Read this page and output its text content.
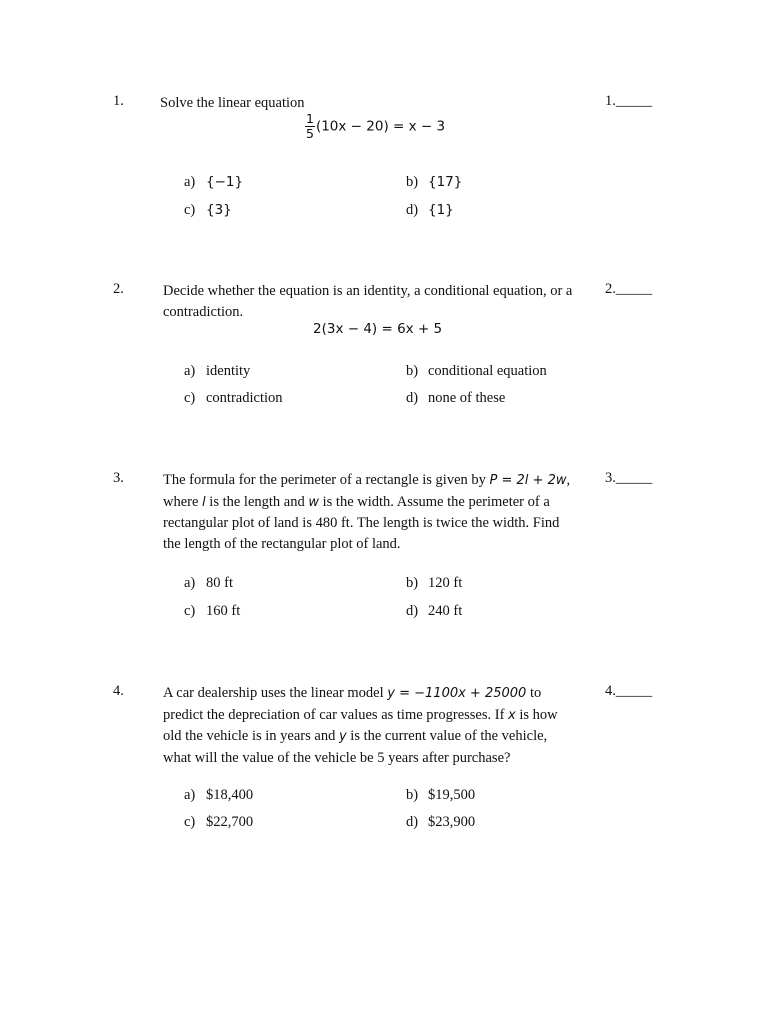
1. Solve the linear equation	1._____
$\frac{1}{5} (10x - 20) = x - 3$
a) {−1}	b) {17}
c) {3}	d) {1}
2.	2._____
Decide whether the equation is an identity, a conditional equation, or a
contradiction.
2(3x − 4) = 6x + 5
a) identity	b) conditional equation
c) contradiction	d) none of these
3.	3._____
The formula for the perimeter of a rectangle is given by P = 2l + 2w,
where l is the length and w is the width. Assume the perimeter of a
rectangular plot of land is 480 ft. The length is twice the width. Find
the length of the rectangular plot of land.
a) 80 ft	b) 120 ft
c) 160 ft	d) 240 ft
4.	4._____
A car dealership uses the linear model y = −1100x + 25000 to
predict the depreciation of car values as time progresses. If x is how
old the vehicle is in years and y is the current value of the vehicle,
what will the value of the vehicle be 5 years after purchase?
a) $18,400	b) $19,500
c) $22,700	d) $23,900
